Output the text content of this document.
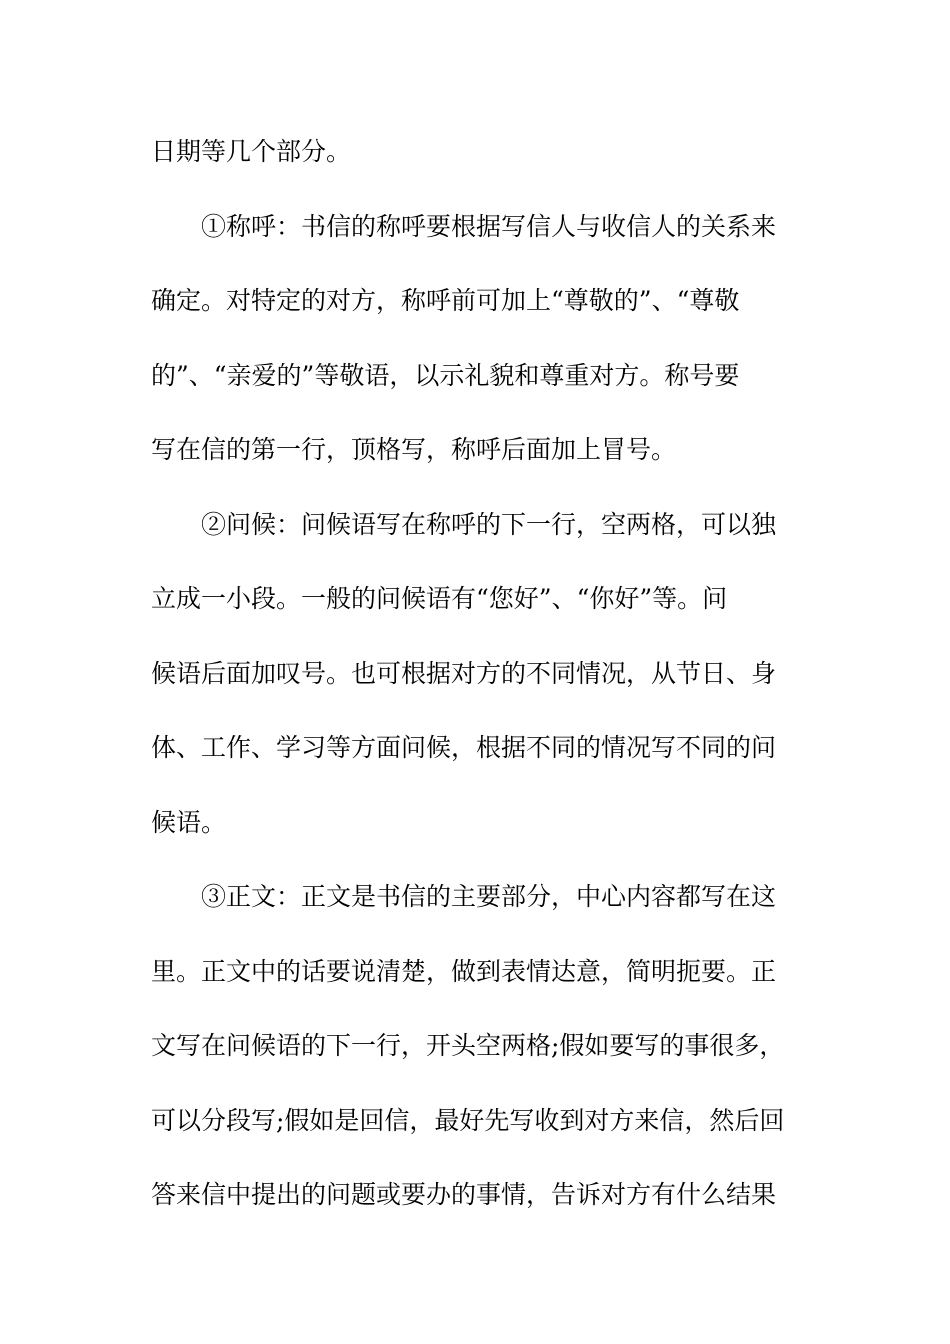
日期等几个部分。
①称呼：书信的称呼要根据写信人与收信人的关系来
确定。对特定的对方，称呼前可加上“尊敬的”、“尊敬
的”、“亲爱的”等敬语，以示礼貌和尊重对方。称号要
写在信的第一行，顶格写，称呼后面加上冒号。
②问候：问候语写在称呼的下一行，空两格，可以独
立成一小段。一般的问候语有“您好”、“你好”等。问
候语后面加叹号。也可根据对方的不同情况，从节日、身
体、工作、学习等方面问候，根据不同的情况写不同的问
候语。
③正文：正文是书信的主要部分，中心内容都写在这
里。正文中的话要说清楚，做到表情达意，简明扼要。正
文写在问候语的下一行，开头空两格;假如要写的事很多，
可以分段写;假如是回信，最好先写收到对方来信，然后回
答来信中提出的问题或要办的事情，告诉对方有什么结果
